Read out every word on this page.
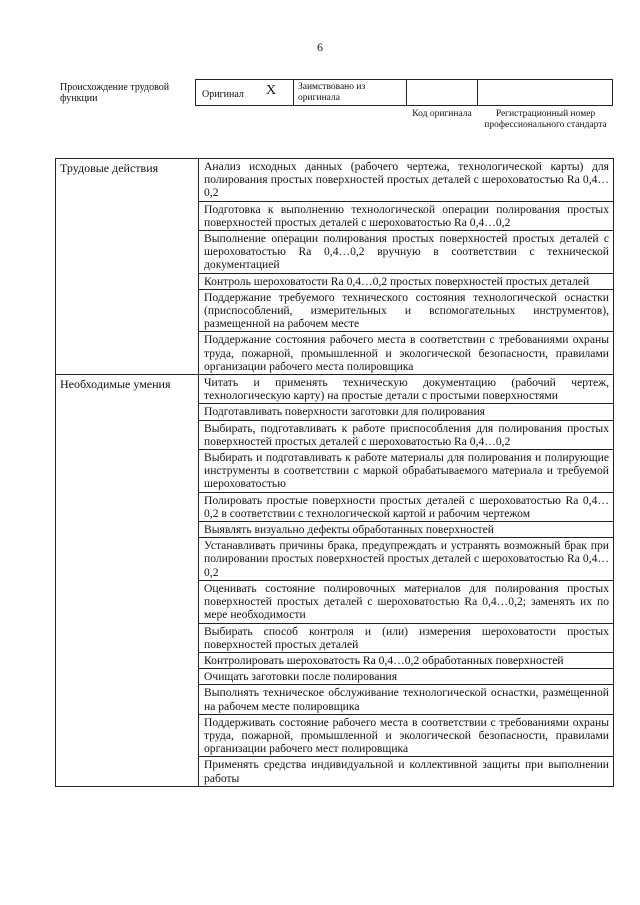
6
Происхождение трудовой функции	Оригинал X Заимствовано из оригинала
Код оригинала	Регистрационный номер профессионального стандарта
Трудовые действия	Анализ исходных данных (рабочего чертежа, технологической карты) для полирования простых поверхностей простых деталей с шероховатостью Ra 0,4…0,2
Подготовка к выполнению технологической операции полирования простых поверхностей простых деталей с шероховатостью Ra 0,4…0,2
Выполнение операции полирования простых поверхностей простых деталей с шероховатостью Ra 0,4…0,2 вручную в соответствии с технической документацией
Контроль шероховатости Ra 0,4…0,2 простых поверхностей простых деталей
Поддержание требуемого технического состояния технологической оснастки (приспособлений, измерительных и вспомогательных инструментов), размещенной на рабочем месте
Поддержание состояния рабочего места в соответствии с требованиями охраны труда, пожарной, промышленной и экологической безопасности, правилами организации рабочего места полировщика
Необходимые умения	Читать и применять техническую документацию (рабочий чертеж, технологическую карту) на простые детали с простыми поверхностями
Подготавливать поверхности заготовки для полирования
Выбирать, подготавливать к работе приспособления для полирования простых поверхностей простых деталей с шероховатостью Ra 0,4…0,2
Выбирать и подготавливать к работе материалы для полирования и полирующие инструменты в соответствии с маркой обрабатываемого материала и требуемой шероховатостью
Полировать простые поверхности простых деталей с шероховатостью Ra 0,4…0,2 в соответствии с технологической картой и рабочим чертежом
Выявлять визуально дефекты обработанных поверхностей
Устанавливать причины брака, предупреждать и устранять возможный брак при полировании простых поверхностей простых деталей с шероховатостью Ra 0,4…0,2
Оценивать состояние полировочных материалов для полирования простых поверхностей простых деталей с шероховатостью Ra 0,4…0,2; заменять их по мере необходимости
Выбирать способ контроля и (или) измерения шероховатости простых поверхностей простых деталей
Контролировать шероховатость Ra 0,4…0,2 обработанных поверхностей
Очищать заготовки после полирования
Выполнять техническое обслуживание технологической оснастки, размещенной на рабочем месте полировщика
Поддерживать состояние рабочего места в соответствии с требованиями охраны труда, пожарной, промышленной и экологической безопасности, правилами организации рабочего мест полировщика
Применять средства индивидуальной и коллективной защиты при выполнении работы
